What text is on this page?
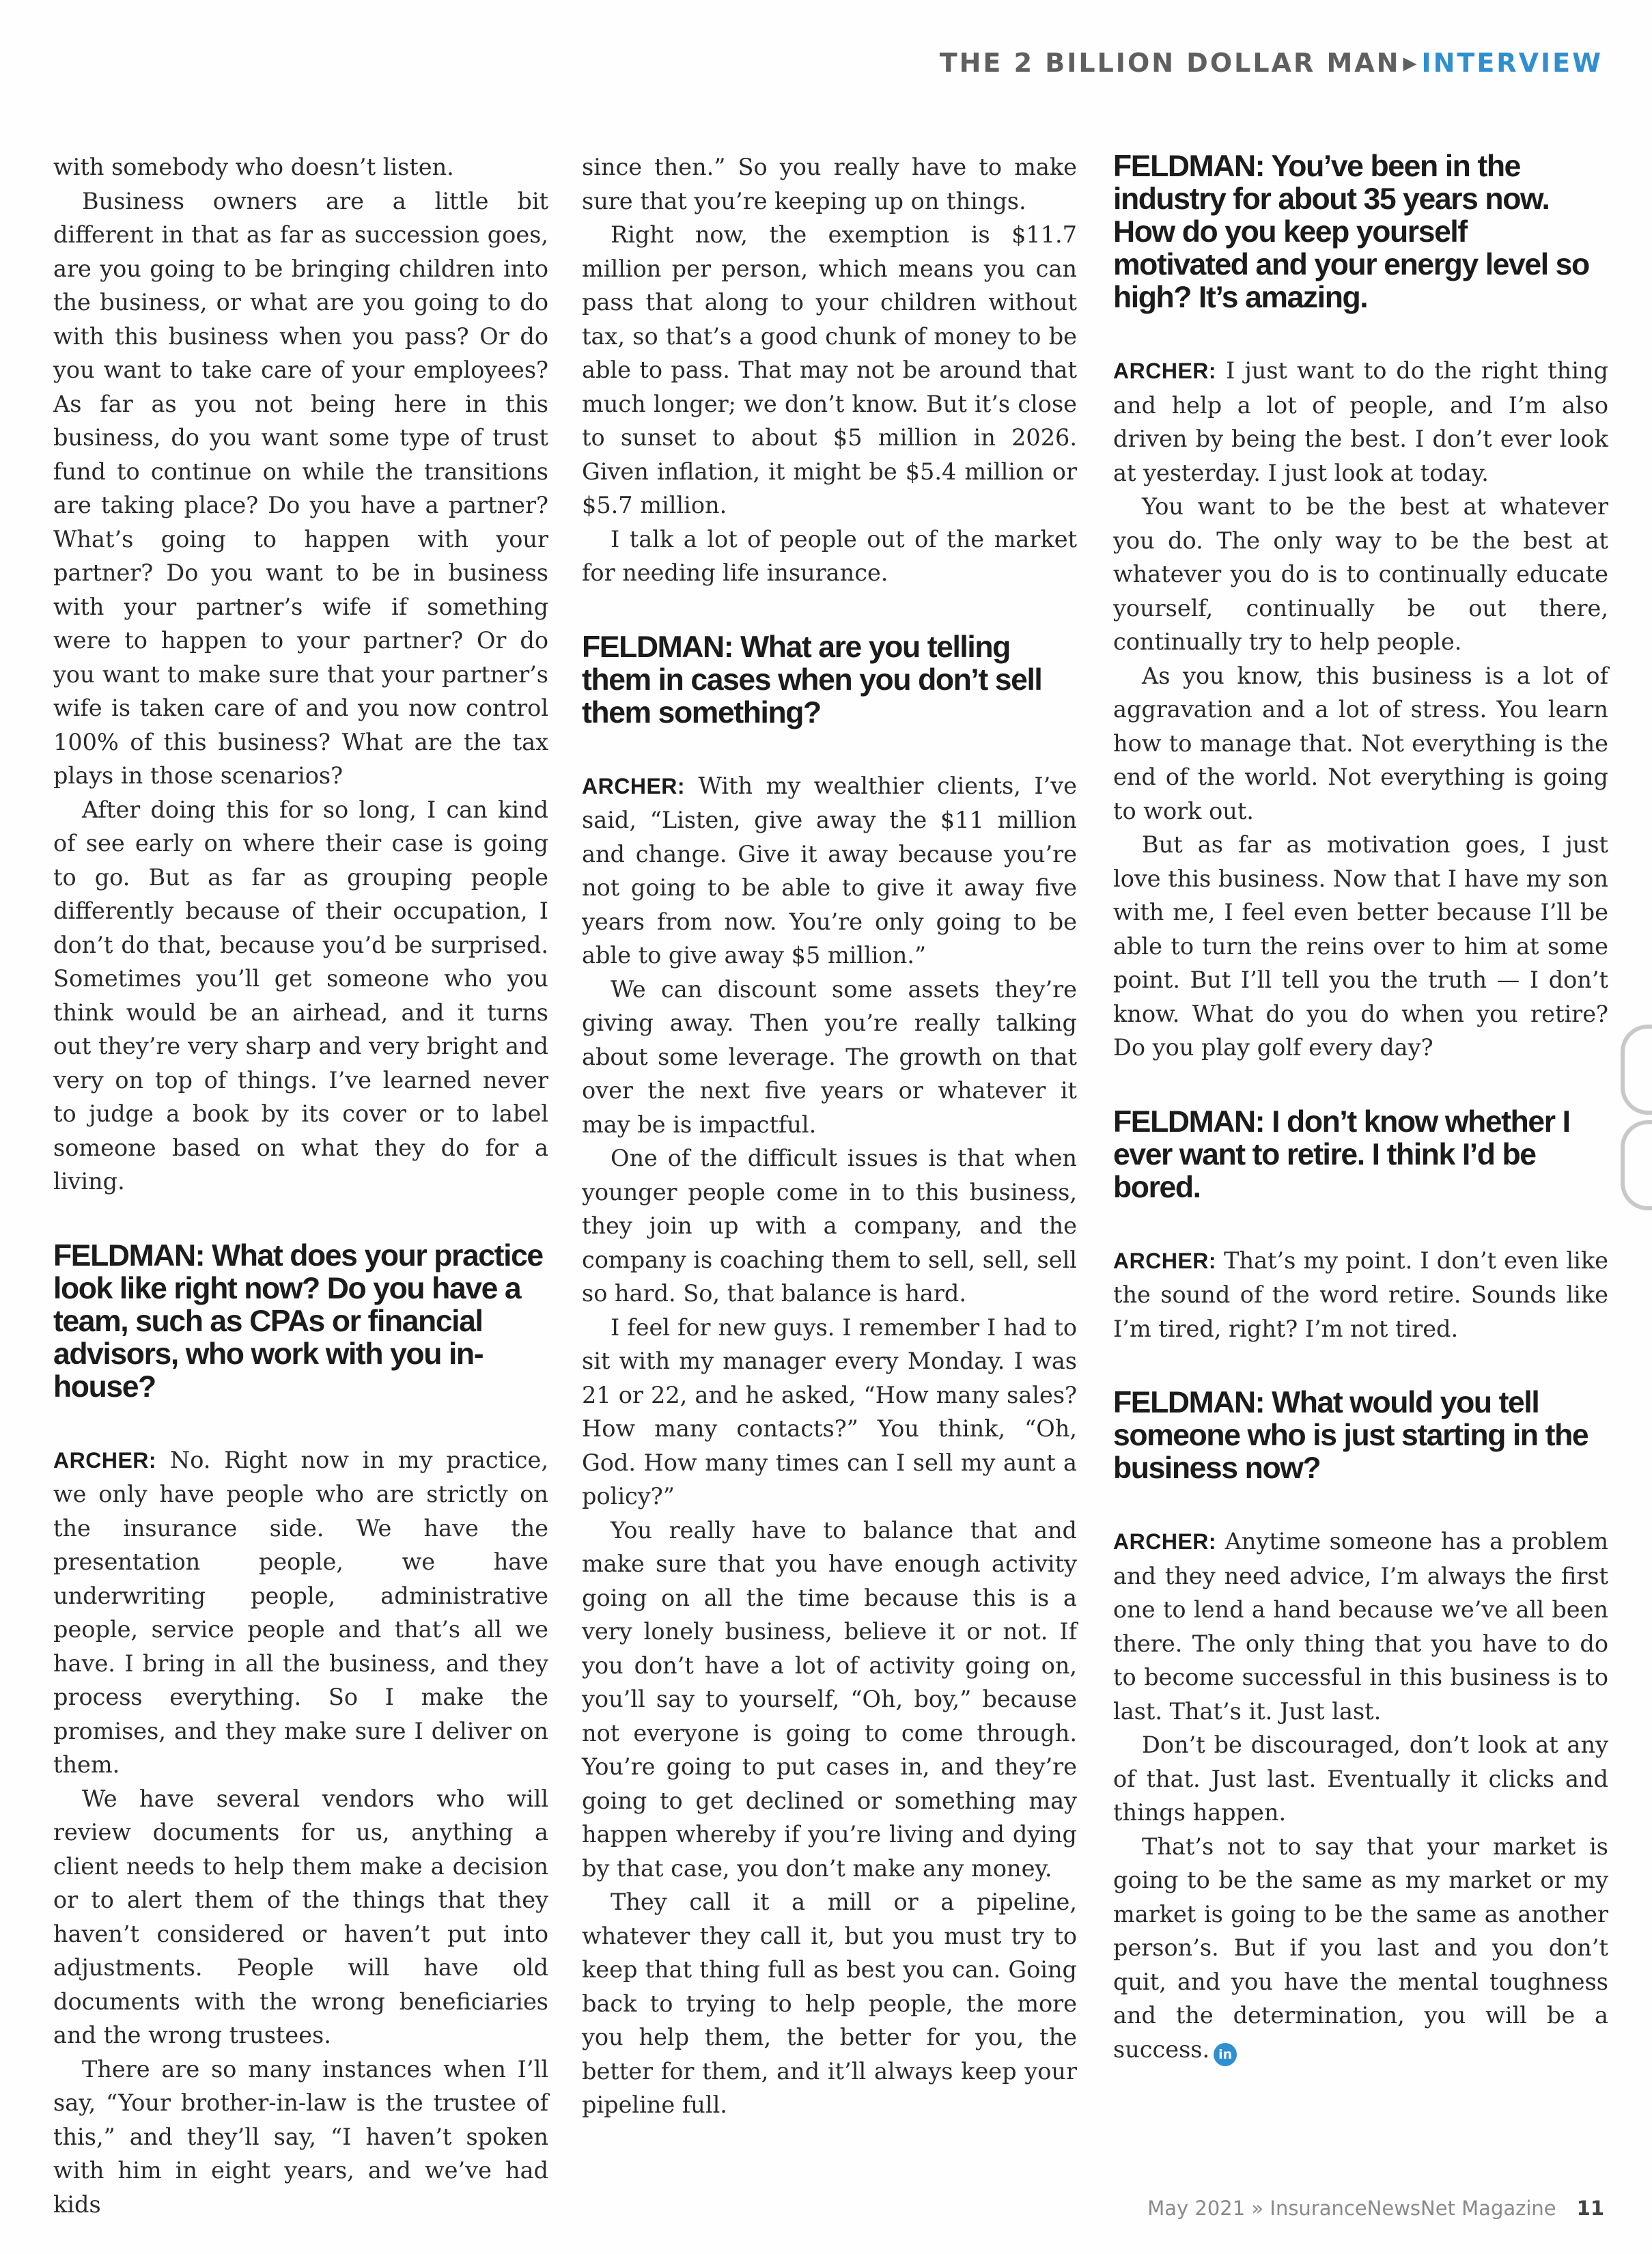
THE 2 BILLION DOLLAR MAN ▶ INTERVIEW

with somebody who doesn’t listen.

Business owners are a little bit different in that as far as succession goes, are you going to be bringing children into the business, or what are you going to do with this business when you pass? Or do you want to take care of your employees? As far as you not being here in this business, do you want some type of trust fund to continue on while the transitions are taking place? Do you have a partner? What’s going to happen with your partner? Do you want to be in business with your partner’s wife if something were to happen to your partner? Or do you want to make sure that your partner’s wife is taken care of and you now control 100% of this business? What are the tax plays in those scenarios?

After doing this for so long, I can kind of see early on where their case is going to go. But as far as grouping people differently because of their occupation, I don’t do that, because you’d be surprised. Sometimes you’ll get someone who you think would be an airhead, and it turns out they’re very sharp and very bright and very on top of things. I’ve learned never to judge a book by its cover or to label someone based on what they do for a living.

FELDMAN: What does your practice look like right now? Do you have a team, such as CPAs or financial advisors, who work with you in-house?

ARCHER: No. Right now in my practice, we only have people who are strictly on the insurance side. We have the presentation people, we have underwriting people, administrative people, service people and that’s all we have. I bring in all the business, and they process everything. So I make the promises, and they make sure I deliver on them.

We have several vendors who will review documents for us, anything a client needs to help them make a decision or to alert them of the things that they haven’t considered or haven’t put into adjustments. People will have old documents with the wrong beneficiaries and the wrong trustees.

There are so many instances when I’ll say, “Your brother-in-law is the trustee of this,” and they’ll say, “I haven’t spoken with him in eight years, and we’ve had kids

since then.” So you really have to make sure that you’re keeping up on things.

Right now, the exemption is $11.7 million per person, which means you can pass that along to your children without tax, so that’s a good chunk of money to be able to pass. That may not be around that much longer; we don’t know. But it’s close to sunset to about $5 million in 2026. Given inflation, it might be $5.4 million or $5.7 million.

I talk a lot of people out of the market for needing life insurance.

FELDMAN: What are you telling them in cases when you don’t sell them something?

ARCHER: With my wealthier clients, I’ve said, “Listen, give away the $11 million and change. Give it away because you’re not going to be able to give it away five years from now. You’re only going to be able to give away $5 million.”

We can discount some assets they’re giving away. Then you’re really talking about some leverage. The growth on that over the next five years or whatever it may be is impactful.

One of the difficult issues is that when younger people come in to this business, they join up with a company, and the company is coaching them to sell, sell, sell so hard. So, that balance is hard.

I feel for new guys. I remember I had to sit with my manager every Monday. I was 21 or 22, and he asked, “How many sales? How many contacts?” You think, “Oh, God. How many times can I sell my aunt a policy?”

You really have to balance that and make sure that you have enough activity going on all the time because this is a very lonely business, believe it or not. If you don’t have a lot of activity going on, you’ll say to yourself, “Oh, boy,” because not everyone is going to come through. You’re going to put cases in, and they’re going to get declined or something may happen whereby if you’re living and dying by that case, you don’t make any money.

They call it a mill or a pipeline, whatever they call it, but you must try to keep that thing full as best you can. Going back to trying to help people, the more you help them, the better for you, the better for them, and it’ll always keep your pipeline full.

FELDMAN: You’ve been in the industry for about 35 years now. How do you keep yourself motivated and your energy level so high? It’s amazing.

ARCHER: I just want to do the right thing and help a lot of people, and I’m also driven by being the best. I don’t ever look at yesterday. I just look at today.

You want to be the best at whatever you do. The only way to be the best at whatever you do is to continually educate yourself, continually be out there, continually try to help people.

As you know, this business is a lot of aggravation and a lot of stress. You learn how to manage that. Not everything is the end of the world. Not everything is going to work out.

But as far as motivation goes, I just love this business. Now that I have my son with me, I feel even better because I’ll be able to turn the reins over to him at some point. But I’ll tell you the truth — I don’t know. What do you do when you retire? Do you play golf every day?

FELDMAN: I don’t know whether I ever want to retire. I think I’d be bored.

ARCHER: That’s my point. I don’t even like the sound of the word retire. Sounds like I’m tired, right? I’m not tired.

FELDMAN: What would you tell someone who is just starting in the business now?

ARCHER: Anytime someone has a problem and they need advice, I’m always the first one to lend a hand because we’ve all been there. The only thing that you have to do to become successful in this business is to last. That’s it. Just last.

Don’t be discouraged, don’t look at any of that. Just last. Eventually it clicks and things happen.

That’s not to say that your market is going to be the same as my market or my market is going to be the same as another person’s. But if you last and you don’t quit, and you have the mental toughness and the determination, you will be a success. in

May 2021 » InsuranceNewsNet Magazine 11
